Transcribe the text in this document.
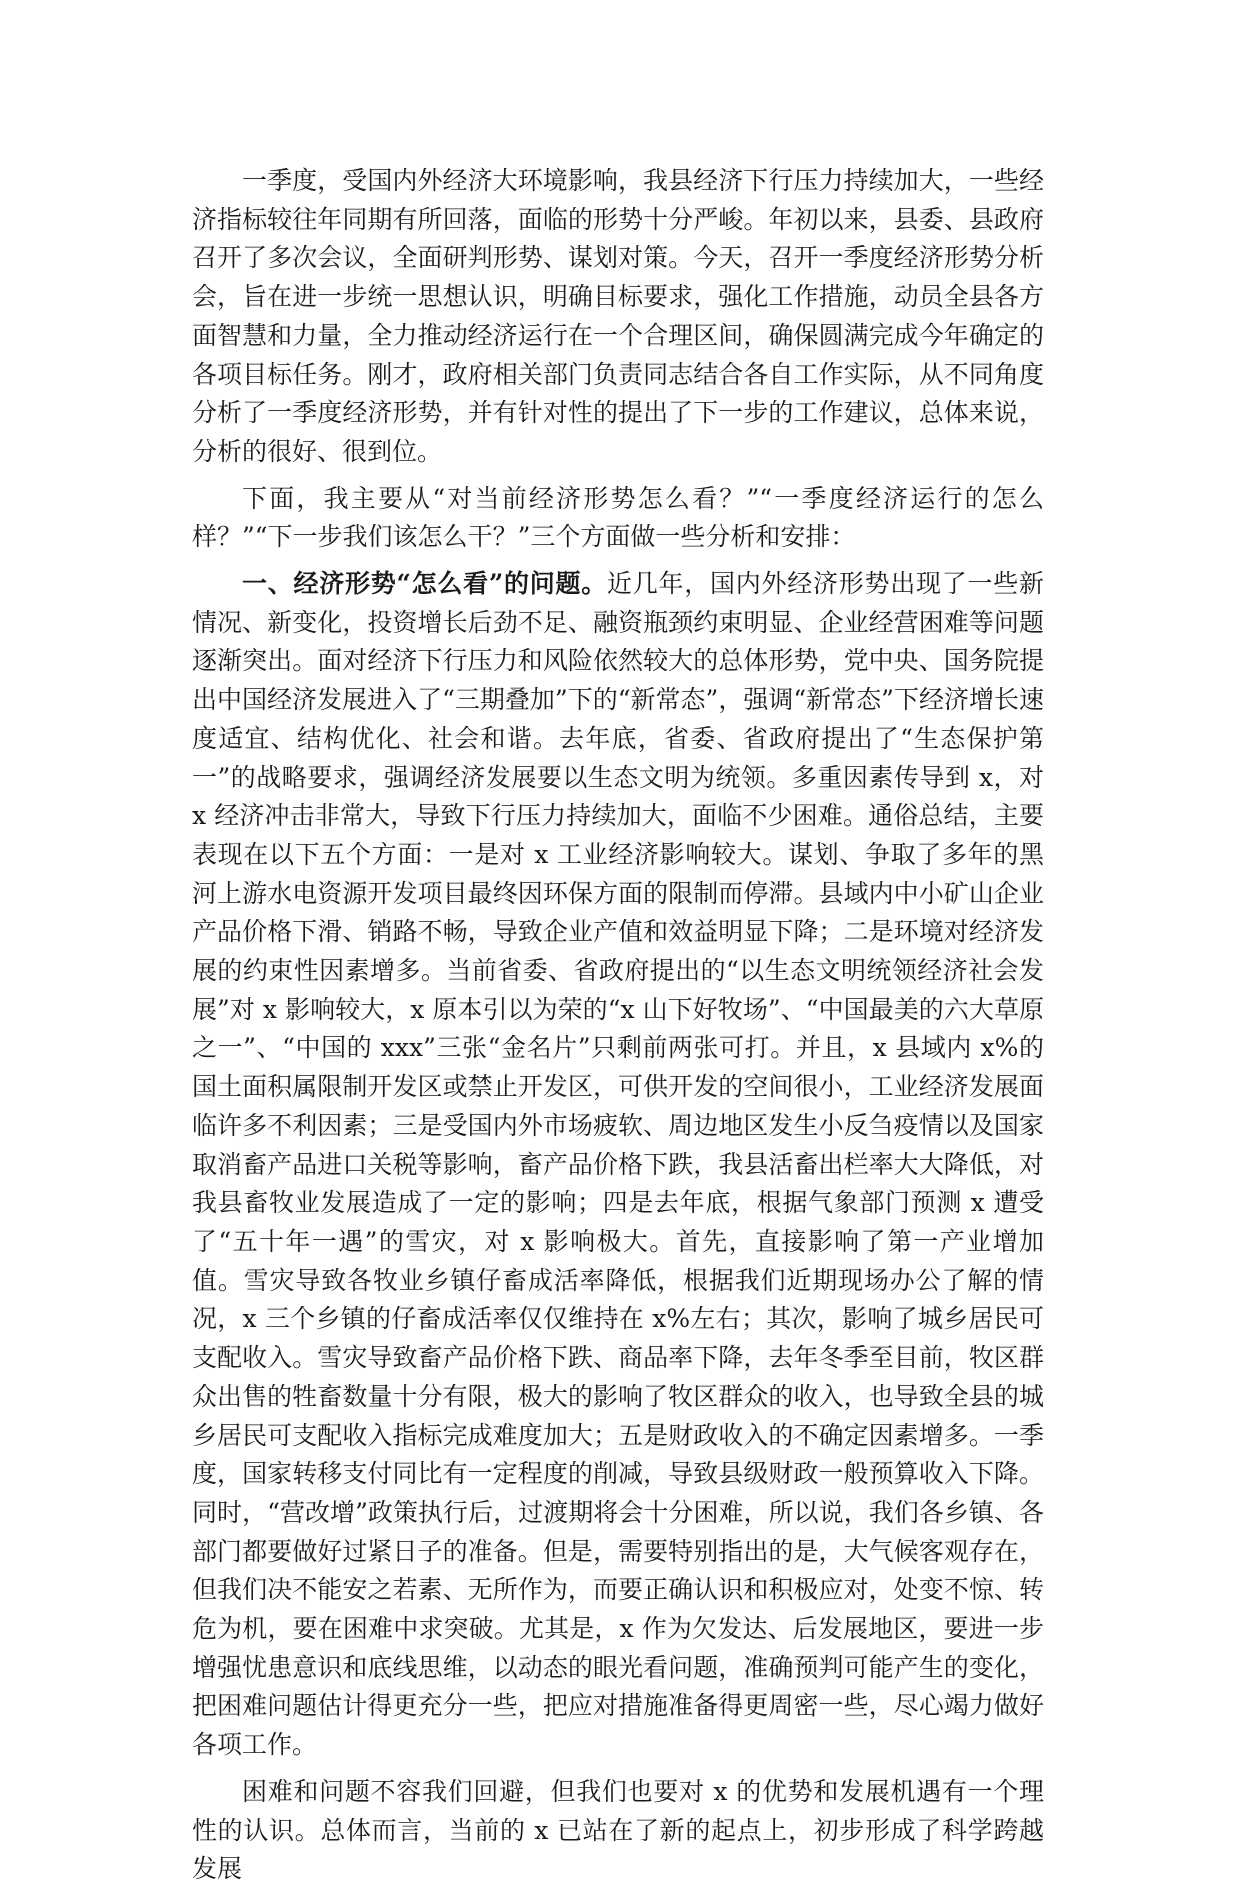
一季度，受国内外经济大环境影响，我县经济下行压力持续加大，一些经济指标较往年同期有所回落，面临的形势十分严峻。年初以来，县委、县政府召开了多次会议，全面研判形势、谋划对策。今天，召开一季度经济形势分析会，旨在进一步统一思想认识，明确目标要求，强化工作措施，动员全县各方面智慧和力量，全力推动经济运行在一个合理区间，确保圆满完成今年确定的各项目标任务。刚才，政府相关部门负责同志结合各自工作实际，从不同角度分析了一季度经济形势，并有针对性的提出了下一步的工作建议，总体来说，分析的很好、很到位。

下面，我主要从“对当前经济形势怎么看？”“一季度经济运行的怎么样？”“下一步我们该怎么干？”三个方面做一些分析和安排：

一、经济形势“怎么看”的问题。近几年，国内外经济形势出现了一些新情况、新变化，投资增长后劲不足、融资瓶颈约束明显、企业经营困难等问题逐渐突出。面对经济下行压力和风险依然较大的总体形势，党中央、国务院提出中国经济发展进入了“三期叠加”下的“新常态”，强调“新常态”下经济增长速度适宜、结构优化、社会和谐。去年底，省委、省政府提出了“生态保护第一”的战略要求，强调经济发展要以生态文明为统领。多重因素传导到 x，对 x 经济冲击非常大，导致下行压力持续加大，面临不少困难。通俗总结，主要表现在以下五个方面：一是对 x 工业经济影响较大。谋划、争取了多年的黑河上游水电资源开发项目最终因环保方面的限制而停滞。县域内中小矿山企业产品价格下滑、销路不畅，导致企业产值和效益明显下降；二是环境对经济发展的约束性因素增多。当前省委、省政府提出的“以生态文明统领经济社会发展”对 x 影响较大，x 原本引以为荣的“x 山下好牧场”、“中国最美的六大草原之一”、“中国的 xxx”三张“金名片”只剩前两张可打。并且，x 县域内 x%的国土面积属限制开发区或禁止开发区，可供开发的空间很小，工业经济发展面临许多不利因素；三是受国内外市场疲软、周边地区发生小反刍疫情以及国家取消畜产品进口关税等影响，畜产品价格下跌，我县活畜出栏率大大降低，对我县畜牧业发展造成了一定的影响；四是去年底，根据气象部门预测 x 遭受了“五十年一遇”的雪灾，对 x 影响极大。首先，直接影响了第一产业增加值。雪灾导致各牧业乡镇仔畜成活率降低，根据我们近期现场办公了解的情况，x 三个乡镇的仔畜成活率仅仅维持在 x%左右；其次，影响了城乡居民可支配收入。雪灾导致畜产品价格下跌、商品率下降，去年冬季至目前，牧区群众出售的牲畜数量十分有限，极大的影响了牧区群众的收入，也导致全县的城乡居民可支配收入指标完成难度加大；五是财政收入的不确定因素增多。一季度，国家转移支付同比有一定程度的削减，导致县级财政一般预算收入下降。同时，“营改增”政策执行后，过渡期将会十分困难，所以说，我们各乡镇、各部门都要做好过紧日子的准备。但是，需要特别指出的是，大气候客观存在，但我们决不能安之若素、无所作为，而要正确认识和积极应对，处变不惊、转危为机，要在困难中求突破。尤其是，x 作为欠发达、后发展地区，要进一步增强忧患意识和底线思维，以动态的眼光看问题，准确预判可能产生的变化，把困难问题估计得更充分一些，把应对措施准备得更周密一些，尽心竭力做好各项工作。

困难和问题不容我们回避，但我们也要对 x 的优势和发展机遇有一个理性的认识。总体而言，当前的 x 已站在了新的起点上，初步形成了科学跨越发展
